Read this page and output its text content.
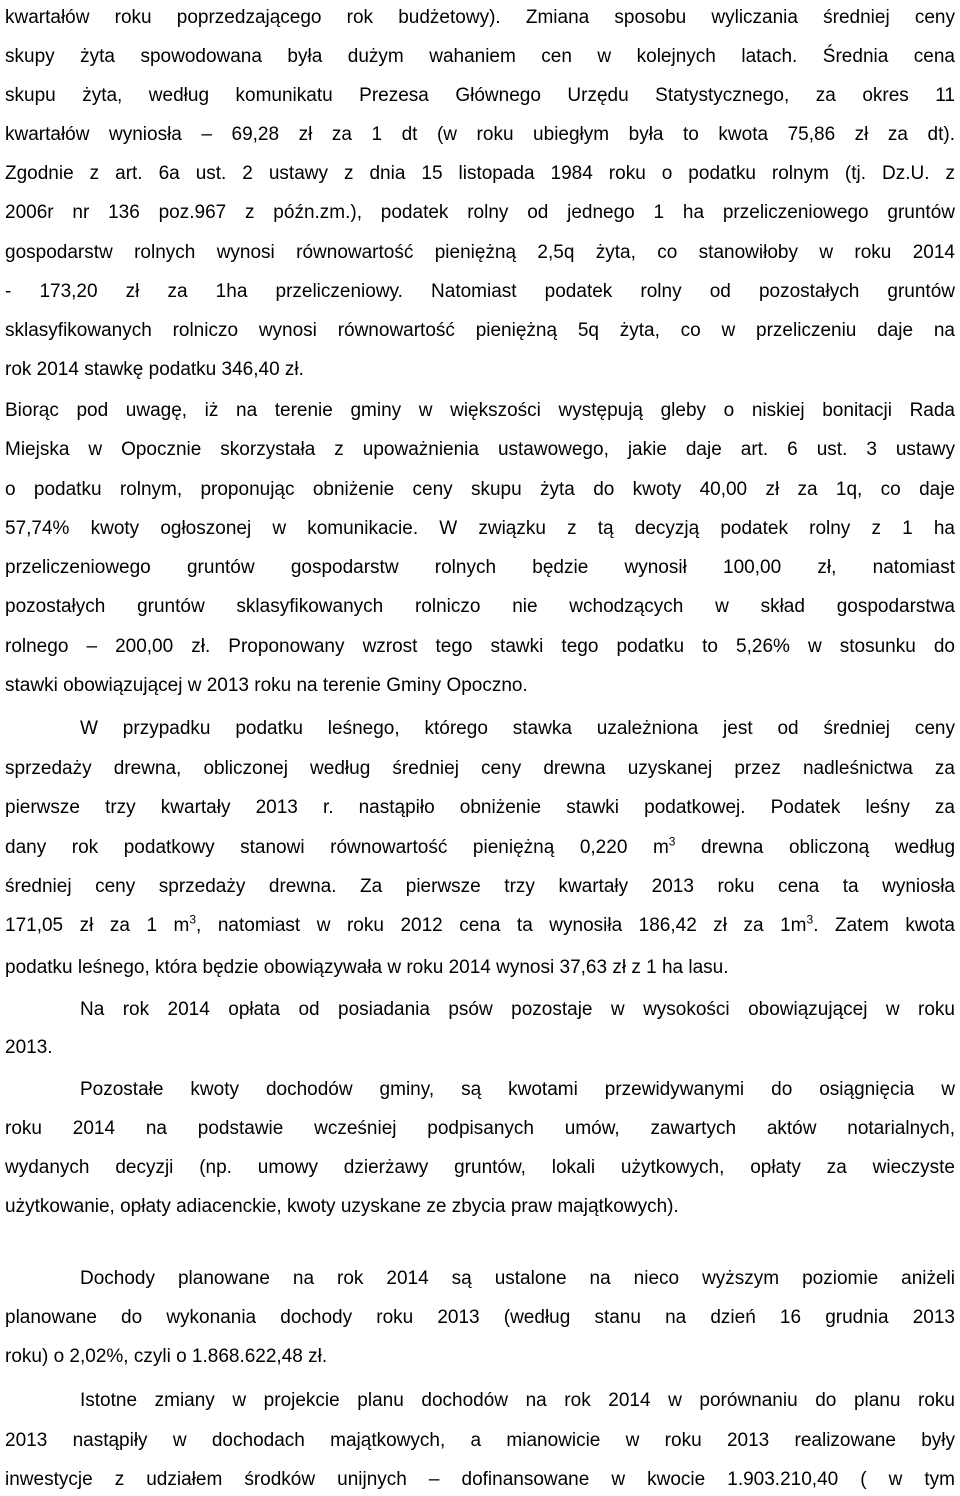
kwartałów roku poprzedzającego rok budżetowy). Zmiana sposobu wyliczania średniej ceny
skupy żyta spowodowana była dużym wahaniem cen w kolejnych latach. Średnia cena
skupu żyta, według komunikatu Prezesa Głównego Urzędu Statystycznego, za okres 11
kwartałów wyniosła – 69,28 zł za 1 dt (w roku ubiegłym była to kwota 75,86 zł za dt).
Zgodnie z art. 6a ust. 2 ustawy z dnia 15 listopada 1984 roku o podatku rolnym (tj. Dz.U. z
2006r nr 136 poz.967 z późn.zm.), podatek rolny od jednego 1 ha przeliczeniowego gruntów
gospodarstw rolnych wynosi równowartość pieniężną 2,5q żyta, co stanowiłoby w roku 2014
- 173,20 zł za 1ha przeliczeniowy. Natomiast podatek rolny od pozostałych gruntów
sklasyfikowanych rolniczo wynosi równowartość pieniężną 5q żyta, co w przeliczeniu daje na
rok 2014 stawkę podatku 346,40 zł.
Biorąc pod uwagę, iż na terenie gminy w większości występują gleby o niskiej bonitacji Rada
Miejska w Opocznie skorzystała z upoważnienia ustawowego, jakie daje art. 6 ust. 3 ustawy
o podatku rolnym, proponując obniżenie ceny skupu żyta do kwoty 40,00 zł za 1q, co daje
57,74% kwoty ogłoszonej w komunikacie. W związku z tą decyzją podatek rolny z 1 ha
przeliczeniowego gruntów gospodarstw rolnych będzie wynosił 100,00 zł, natomiast
pozostałych gruntów sklasyfikowanych rolniczo nie wchodzących w skład gospodarstwa
rolnego – 200,00 zł. Proponowany wzrost tego stawki tego podatku to 5,26% w stosunku do
stawki obowiązującej w 2013 roku na terenie Gminy Opoczno.
W przypadku podatku leśnego, którego stawka uzależniona jest od średniej ceny
sprzedaży drewna, obliczonej według średniej ceny drewna uzyskanej przez nadleśnictwa za
pierwsze trzy kwartały 2013 r. nastąpiło obniżenie stawki podatkowej. Podatek leśny za
dany rok podatkowy stanowi równowartość pieniężną 0,220 $m^3$ drewna obliczoną według
średniej ceny sprzedaży drewna. Za pierwsze trzy kwartały 2013 roku cena ta wyniosła
171,05 zł za 1 $m^3$, natomiast w roku 2012 cena ta wynosiła 186,42 zł za $1m^3$. Zatem kwota
podatku leśnego, która będzie obowiązywała w roku 2014 wynosi 37,63 zł z 1 ha lasu.
Na rok 2014 opłata od posiadania psów pozostaje w wysokości obowiązującej w roku
2013.
Pozostałe kwoty dochodów gminy, są kwotami przewidywanymi do osiągnięcia w
roku 2014 na podstawie wcześniej podpisanych umów, zawartych aktów notarialnych,
wydanych decyzji (np. umowy dzierżawy gruntów, lokali użytkowych, opłaty za wieczyste
użytkowanie, opłaty adiacenckie, kwoty uzyskane ze zbycia praw majątkowych).
Dochody planowane na rok 2014 są ustalone na nieco wyższym poziomie aniżeli
planowane do wykonania dochody roku 2013 (według stanu na dzień 16 grudnia 2013
roku) o 2,02%, czyli o 1.868.622,48 zł.
Istotne zmiany w projekcie planu dochodów na rok 2014 w porównaniu do planu roku
2013 nastąpiły w dochodach majątkowych, a mianowicie w roku 2013 realizowane były
inwestycje z udziałem środków unijnych – dofinansowane w kwocie 1.903.210,40 ( w tym
